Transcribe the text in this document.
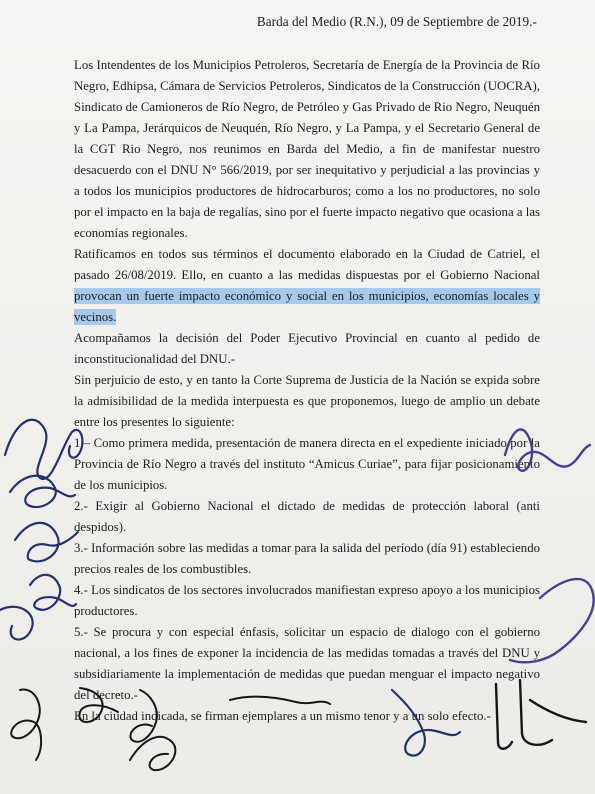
Barda del Medio (R.N.), 09 de Septiembre de 2019.-

Los Intendentes de los Municipios Petroleros, Secretaría de Energía de la Provincia de Río Negro, Edhipsa, Cámara de Servicios Petroleros, Sindicatos de la Construcción (UOCRA), Sindicato de Camioneros de Río Negro, de Petróleo y Gas Privado de Rio Negro, Neuquén y La Pampa, Jerárquicos de Neuquén, Río Negro, y La Pampa, y el Secretario General de la CGT Rio Negro, nos reunimos en Barda del Medio, a fin de manifestar nuestro desacuerdo con el DNU N° 566/2019, por ser inequitativo y perjudicial a las provincias y a todos los municipios productores de hidrocarburos; como a los no productores, no solo por el impacto en la baja de regalías, sino por el fuerte impacto negativo que ocasiona a las economías regionales.

Ratificamos en todos sus términos el documento elaborado en la Ciudad de Catriel, el pasado 26/08/2019. Ello, en cuanto a las medidas dispuestas por el Gobierno Nacional provocan un fuerte impacto económico y social en los municipios, economías locales y vecinos.

Acompañamos la decisión del Poder Ejecutivo Provincial en cuanto al pedido de inconstitucionalidad del DNU.-

Sin perjuicio de esto, y en tanto la Corte Suprema de Justicia de la Nación se expida sobre la admisibilidad de la medida interpuesta es que proponemos, luego de amplio un debate entre los presentes lo siguiente:

1 – Como primera medida, presentación de manera directa en el expediente iniciado por la Provincia de Río Negro a través del instituto “Amicus Curiae”, para fijar posicionamiento de los municipios.

2.- Exigir al Gobierno Nacional el dictado de medidas de protección laboral (anti despidos).

3.- Información sobre las medidas a tomar para la salida del período (día 91) estableciendo precios reales de los combustibles.

4.- Los sindicatos de los sectores involucrados manifiestan expreso apoyo a los municipios productores.

5.- Se procura y con especial énfasis, solicitar un espacio de dialogo con el gobierno nacional, a los fines de exponer la incidencia de las medidas tomadas a través del DNU y subsidiariamente la implementación de medidas que puedan menguar el impacto negativo del decreto.-

En la ciudad indicada, se firman ejemplares a un mismo tenor y a un solo efecto.-
